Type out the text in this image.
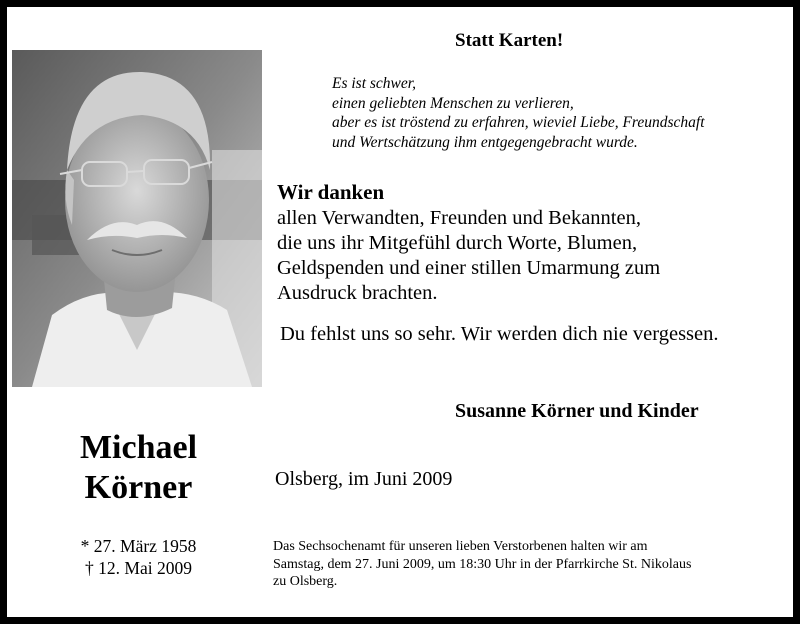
Statt Karten!
Es ist schwer,
einen geliebten Menschen zu verlieren,
aber es ist tröstend zu erfahren, wieviel Liebe, Freundschaft
und Wertschätzung ihm entgegengebracht wurde.
Wir danken
allen Verwandten, Freunden und Bekannten,
die uns ihr Mitgefühl durch Worte, Blumen,
Geldspenden und einer stillen Umarmung zum
Ausdruck brachten.
Du fehlst uns so sehr. Wir werden dich nie vergessen.
Susanne Körner und Kinder
Michael
Körner	Olsberg, im Juni 2009
* 27. März 1958
† 12. Mai 2009
Das Sechsochenamt für unseren lieben Verstorbenen halten wir am
Samstag, dem 27. Juni 2009, um 18:30 Uhr in der Pfarrkirche St. Nikolaus
zu Olsberg.
